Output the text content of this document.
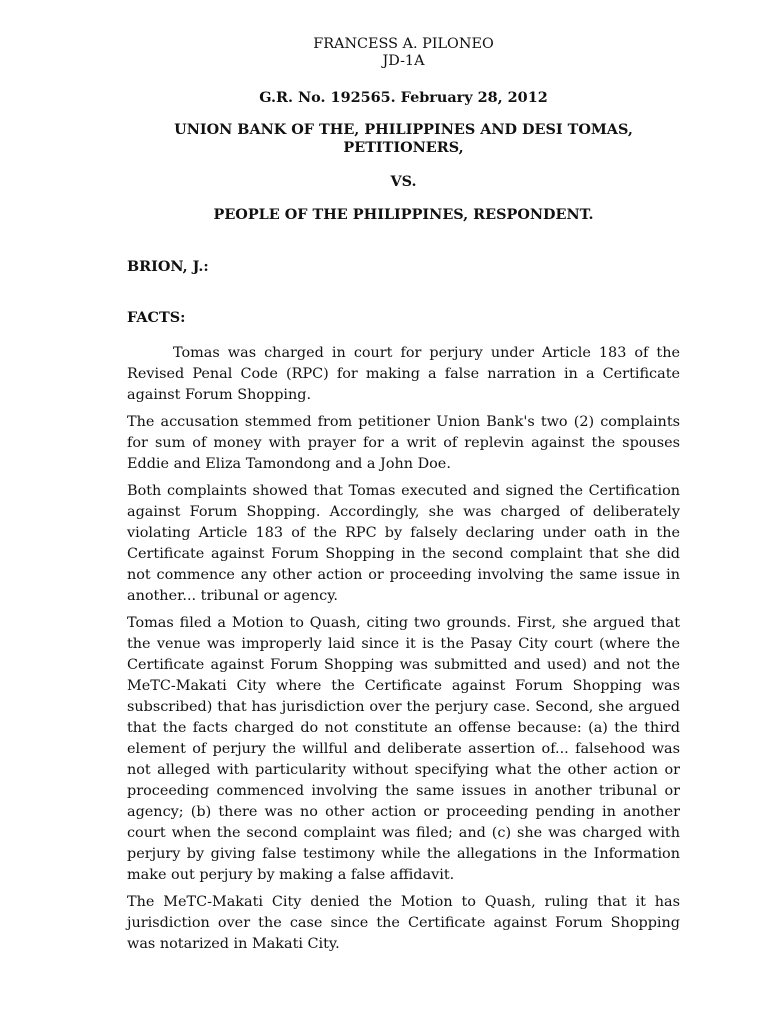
FRANCESS A. PILONEO
JD-1A
G.R. No. 192565. February 28, 2012
UNION BANK OF THE, PHILIPPINES AND DESI TOMAS,
PETITIONERS,
VS.
PEOPLE OF THE PHILIPPINES, RESPONDENT.
BRION, J.:
FACTS:

Tomas was charged in court for perjury under Article 183 of the Revised Penal Code (RPC) for making a false narration in a Certificate against Forum Shopping.

The accusation stemmed from petitioner Union Bank's two (2) complaints for sum of money with prayer for a writ of replevin against the spouses Eddie and Eliza Tamondong and a John Doe.

Both complaints showed that Tomas executed and signed the Certification against Forum Shopping. Accordingly, she was charged of deliberately violating Article 183 of the RPC by falsely declaring under oath in the Certificate against Forum Shopping in the second complaint that she did not commence any other action or proceeding involving the same issue in another... tribunal or agency.

Tomas filed a Motion to Quash, citing two grounds. First, she argued that the venue was improperly laid since it is the Pasay City court (where the Certificate against Forum Shopping was submitted and used) and not the MeTC-Makati City where the Certificate against Forum Shopping was subscribed) that has jurisdiction over the perjury case. Second, she argued that the facts charged do not constitute an offense because: (a) the third element of perjury the willful and deliberate assertion of... falsehood was not alleged with particularity without specifying what the other action or proceeding commenced involving the same issues in another tribunal or agency; (b) there was no other action or proceeding pending in another court when the second complaint was filed; and (c) she was charged with perjury by giving false testimony while the allegations in the Information make out perjury by making a false affidavit.

The MeTC-Makati City denied the Motion to Quash, ruling that it has jurisdiction over the case since the Certificate against Forum Shopping was notarized in Makati City.
